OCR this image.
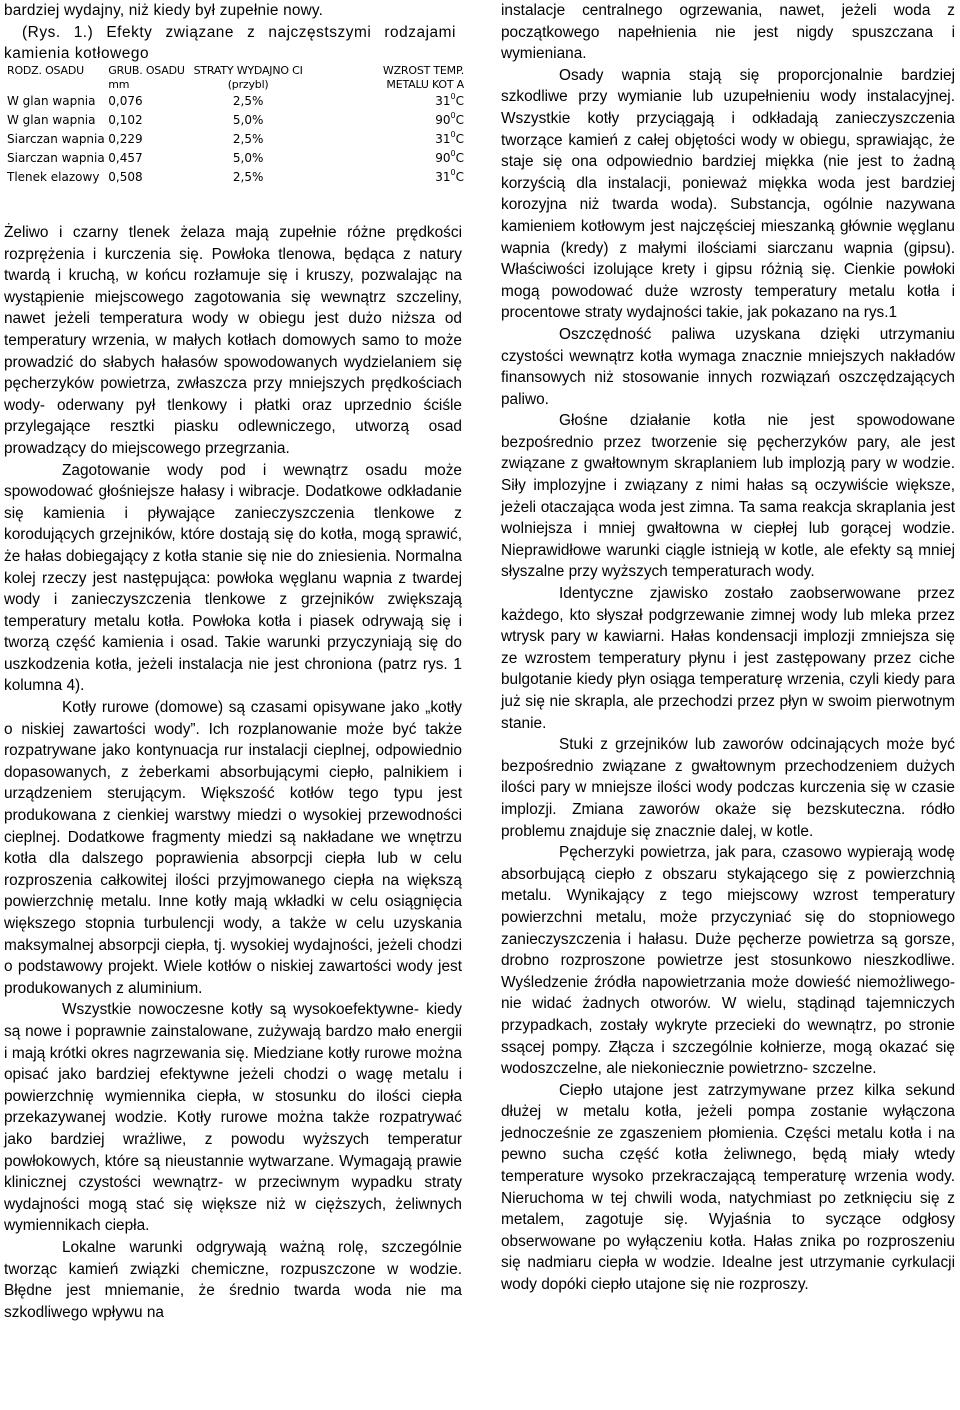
bardziej wydajny, niż kiedy był zupełnie nowy.

(Rys. 1.) Efekty związane z najczęstszymi rodzajami kamienia kotłowego

RODZ. OSADU	GRUB. OSADU	STRATY WYDAJNO CI	WZROST TEMP.
	mm	(przybl)	METALU KOT A
W glan wapnia	0,076	2,5%	$31^0C$
W glan wapnia	0,102	5,0%	$90^0C$
Siarczan wapnia	0,229	2,5%	$31^0C$
Siarczan wapnia	0,457	5,0%	$90^0C$
Tlenek elazowy	0,508	2,5%	$31^0C$

Żeliwo i czarny tlenek żelaza mają zupełnie różne prędkości rozprężenia i kurczenia się. Powłoka tlenowa, będąca z natury twardą i kruchą, w końcu rozłamuje się i kruszy, pozwalając na wystąpienie miejscowego zagotowania się wewnątrz szczeliny, nawet jeżeli temperatura wody w obiegu jest dużo niższa od temperatury wrzenia, w małych kotłach domowych samo to może prowadzić do słabych hałasów spowodowanych wydzielaniem się pęcherzyków powietrza, zwłaszcza przy mniejszych prędkościach wody- oderwany pył tlenkowy i płatki oraz uprzednio ściśle przylegające resztki piasku odlewniczego, utworzą osad prowadzący do miejscowego przegrzania.

Zagotowanie wody pod i wewnątrz osadu może spowodować głośniejsze hałasy i wibracje. Dodatkowe odkładanie się kamienia i pływające zanieczyszczenia tlenkowe z korodujących grzejników, które dostają się do kotła, mogą sprawić, że hałas dobiegający z kotła stanie się nie do zniesienia. Normalna kolej rzeczy jest następująca: powłoka węglanu wapnia z twardej wody i zanieczyszczenia tlenkowe z grzejników zwiększają temperatury metalu kotła. Powłoka kotła i piasek odrywają się i tworzą część kamienia i osad. Takie warunki przyczyniają się do uszkodzenia kotła, jeżeli instalacja nie jest chroniona (patrz rys. 1 kolumna 4).

Kotły rurowe (domowe) są czasami opisywane jako „kotły o niskiej zawartości wody”. Ich rozplanowanie może być także rozpatrywane jako kontynuacja rur instalacji cieplnej, odpowiednio dopasowanych, z żeberkami absorbującymi ciepło, palnikiem i urządzeniem sterującym. Większość kotłów tego typu jest produkowana z cienkiej warstwy miedzi o wysokiej przewodności cieplnej. Dodatkowe fragmenty miedzi są nakładane we wnętrzu kotła dla dalszego poprawienia absorpcji ciepła lub w celu rozproszenia całkowitej ilości przyjmowanego ciepła na większą powierzchnię metalu. Inne kotły mają wkładki w celu osiągnięcia większego stopnia turbulencji wody, a także w celu uzyskania maksymalnej absorpcji ciepła, tj. wysokiej wydajności, jeżeli chodzi o podstawowy projekt. Wiele kotłów o niskiej zawartości wody jest produkowanych z aluminium.

Wszystkie nowoczesne kotły są wysokoefektywne- kiedy są nowe i poprawnie zainstalowane, zużywają bardzo mało energii i mają krótki okres nagrzewania się. Miedziane kotły rurowe można opisać jako bardziej efektywne jeżeli chodzi o wagę metalu i powierzchnię wymiennika ciepła, w stosunku do ilości ciepła przekazywanej wodzie. Kotły rurowe można także rozpatrywać jako bardziej wrażliwe, z powodu wyższych temperatur powłokowych, które są nieustannie wytwarzane. Wymagają prawie klinicznej czystości wewnątrz- w przeciwnym wypadku straty wydajności mogą stać się większe niż w cięższych, żeliwnych wymiennikach ciepła.

Lokalne warunki odgrywają ważną rolę, szczególnie tworząc kamień związki chemiczne, rozpuszczone w wodzie. Błędne jest mniemanie, że średnio twarda woda nie ma szkodliwego wpływu na

instalacje centralnego ogrzewania, nawet, jeżeli woda z początkowego napełnienia nie jest nigdy spuszczana i wymieniana.

Osady wapnia stają się proporcjonalnie bardziej szkodliwe przy wymianie lub uzupełnieniu wody instalacyjnej. Wszystkie kotły przyciągają i odkładają zanieczyszczenia tworzące kamień z całej objętości wody w obiegu, sprawiając, że staje się ona odpowiednio bardziej miękka (nie jest to żadną korzyścią dla instalacji, ponieważ miękka woda jest bardziej korozyjna niż twarda woda). Substancja, ogólnie nazywana kamieniem kotłowym jest najczęściej mieszanką głównie węglanu wapnia (kredy) z małymi ilościami siarczanu wapnia (gipsu). Właściwości izolujące krety i gipsu różnią się. Cienkie powłoki mogą powodować duże wzrosty temperatury metalu kotła i procentowe straty wydajności takie, jak pokazano na rys.1

Oszczędność paliwa uzyskana dzięki utrzymaniu czystości wewnątrz kotła wymaga znacznie mniejszych nakładów finansowych niż stosowanie innych rozwiązań oszczędzających paliwo.

Głośne działanie kotła nie jest spowodowane bezpośrednio przez tworzenie się pęcherzyków pary, ale jest związane z gwałtownym skraplaniem lub implozją pary w wodzie. Siły implozyjne i związany z nimi hałas są oczywiście większe, jeżeli otaczająca woda jest zimna. Ta sama reakcja skraplania jest wolniejsza i mniej gwałtowna w ciepłej lub gorącej wodzie. Nieprawidłowe warunki ciągle istnieją w kotle, ale efekty są mniej słyszalne przy wyższych temperaturach wody.

Identyczne zjawisko zostało zaobserwowane przez każdego, kto słyszał podgrzewanie zimnej wody lub mleka przez wtrysk pary w kawiarni. Hałas kondensacji implozji zmniejsza się ze wzrostem temperatury płynu i jest zastępowany przez ciche bulgotanie kiedy płyn osiąga temperaturę wrzenia, czyli kiedy para już się nie skrapla, ale przechodzi przez płyn w swoim pierwotnym stanie.

Stuki z grzejników lub zaworów odcinających może być bezpośrednio związane z gwałtownym przechodzeniem dużych ilości pary w mniejsze ilości wody podczas kurczenia się w czasie implozji. Zmiana zaworów okaże się bezskuteczna. ródło problemu znajduje się znacznie dalej, w kotle.

Pęcherzyki powietrza, jak para, czasowo wypierają wodę absorbującą ciepło z obszaru stykającego się z powierzchnią metalu. Wynikający z tego miejscowy wzrost temperatury powierzchni metalu, może przyczyniać się do stopniowego zanieczyszczenia i hałasu. Duże pęcherze powietrza są gorsze, drobno rozproszone powietrze jest stosunkowo nieszkodliwe. Wyśledzenie źródła napowietrzania może dowieść niemożliwego- nie widać żadnych otworów. W wielu, stądinąd tajemniczych przypadkach, zostały wykryte przecieki do wewnątrz, po stronie ssącej pompy. Złącza i szczególnie kołnierze, mogą okazać się wodoszczelne, ale niekoniecznie powietrzno- szczelne.

Ciepło utajone jest zatrzymywane przez kilka sekund dłużej w metalu kotła, jeżeli pompa zostanie wyłączona jednocześnie ze zgaszeniem płomienia. Części metalu kotła i na pewno sucha część kotła żeliwnego, będą miały wtedy temperature wysoko przekraczającą temperaturę wrzenia wody. Nieruchoma w tej chwili woda, natychmiast po zetknięciu się z metalem, zagotuje się. Wyjaśnia to syczące odgłosy obserwowane po wyłączeniu kotła. Hałas znika po rozproszeniu się nadmiaru ciepła w wodzie. Idealne jest utrzymanie cyrkulacji wody dopóki ciepło utajone się nie rozproszy.
